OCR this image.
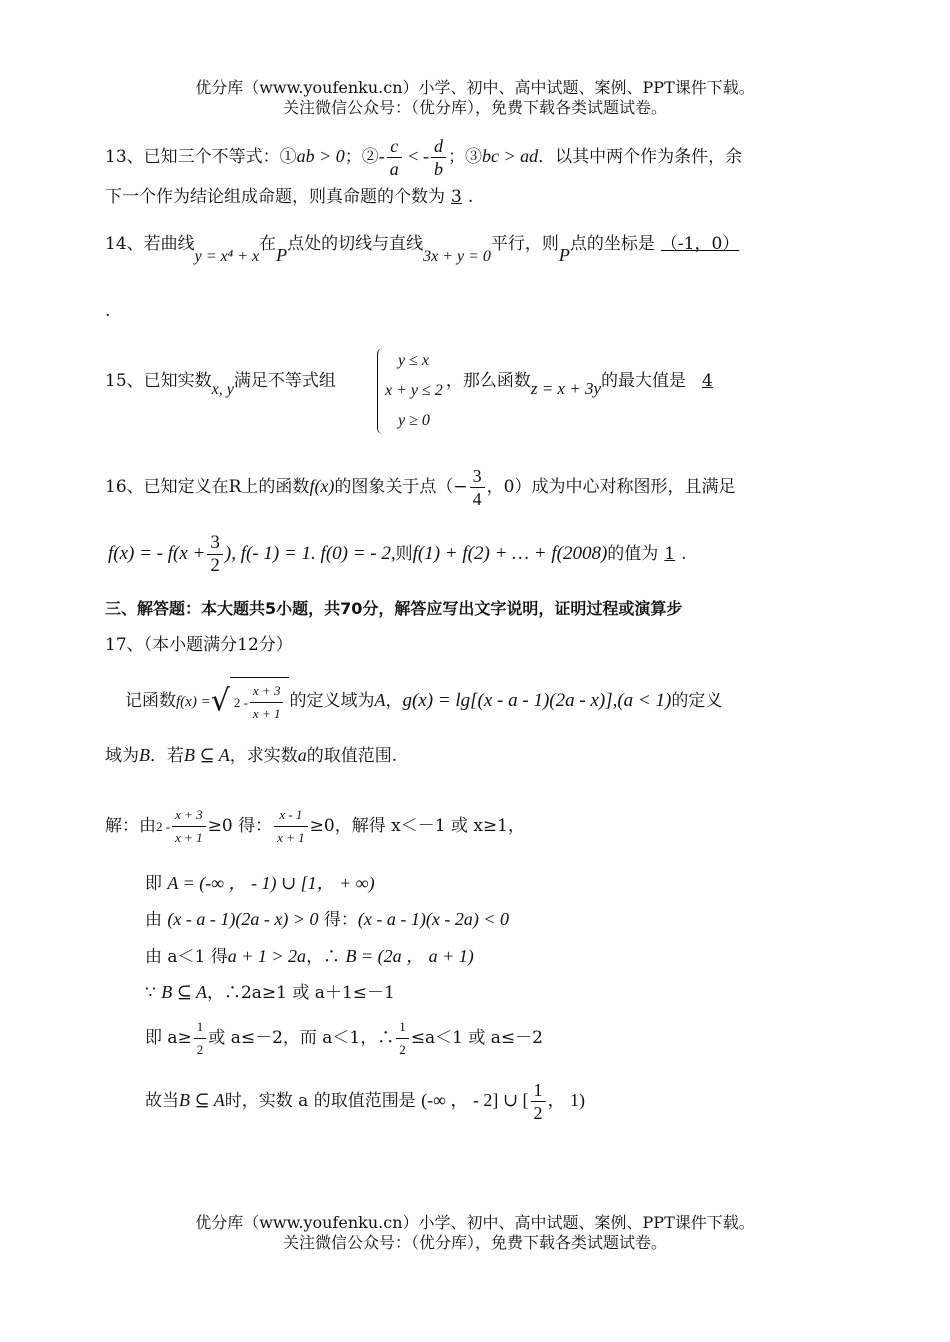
优分库（www.youfenku.cn）小学、初中、高中试题、案例、PPT课件下载。
关注微信公众号：（优分库），免费下载各类试题试卷。
13、已知三个不等式：①ab > 0；②- $\frac{c}{a}$ < - $\frac{d}{b}$ ；③bc > ad．以其中两个作为条件，余
下一个作为结论组成命题，则真命题的个数为 3 .
14、若曲线y = x⁴ + x在P点处的切线与直线3x + y = 0平行，则P点的坐标是 （-1，0）
.
15、已知实数x, y满足不等式组	，那么函数z = x + 3y的最大值是 4
y ≤ x
x + y ≤ 2
y ≥ 0
16、已知定义在R上的函数f(x)的图象关于点（− $\frac{3}{4}$ ，0）成为中心对称图形，且满足
f(x) = - $f(x + \frac{3}{2}$ ), f(- 1) = 1. f(0) = - 2,则f(1) + f(2) + … + f(2008)的值为 1 .
三、解答题：本大题共5小题，共70分，解答应写出文字说明，证明过程或演算步
17、（本小题满分12分）
记函数f(x) =√ $2 - \frac{x + 3}{x + 1}$ 的定义域为A，g(x) = lg[(x - a - 1)(2a - x)],(a < 1)的定义
域为B．若B ⊆ A，求实数a的取值范围.
解：由$2 - \frac{x + 3}{x + 1} \ge 0$ 得： $\frac{x - 1}{x + 1} \ge 0$，解得 x＜－1 或 x≥1，
即 A = (-∞ ， - 1) ∪ [1， + ∞)
由 (x - a - 1)(2a - x) > 0 得：(x - a - 1)(x - 2a) < 0
由 a＜1 得a + 1 > 2a，∴ B = (2a ， a + 1)
∵ B ⊆ A，∴2a≥1 或 a＋1≤－1
即 $a\ge \frac{1}{2}$ 或 a≤－2，而 a＜1，∴ $\frac{1}{2} \le a<1$ 或 a≤－2
故当B ⊆ A时，实数 a 的取值范围是 (-∞ ， - 2] ∪ [ $\frac{1}{2}$ ， 1)
优分库（www.youfenku.cn）小学、初中、高中试题、案例、PPT课件下载。
关注微信公众号：（优分库），免费下载各类试题试卷。
